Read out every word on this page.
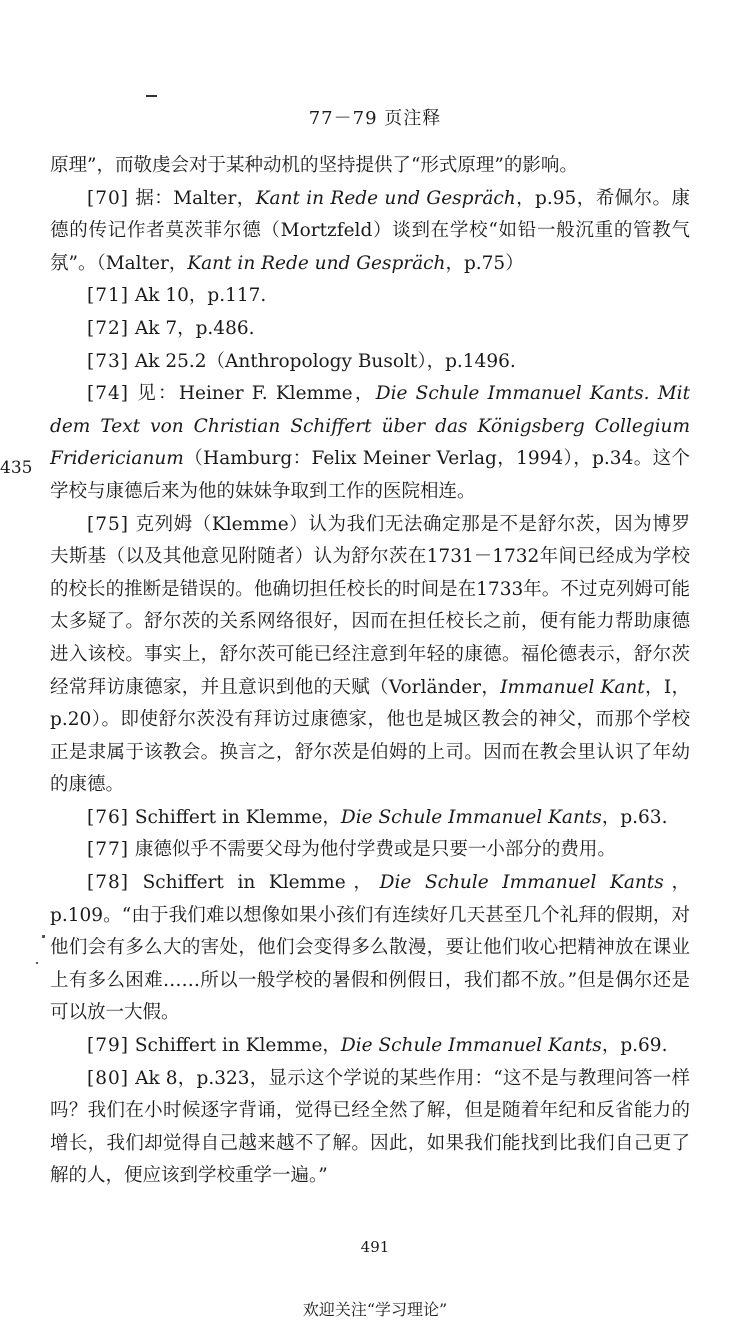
77－79 页注释
435

原理”，而敬虔会对于某种动机的坚持提供了“形式原理”的影响。

[70] 据：Malter，Kant in Rede und Gespräch，p.95，希佩尔。康德的传记作者莫茨菲尔德（Mortzfeld）谈到在学校“如铅一般沉重的管教气氛”。（Malter，Kant in Rede und Gespräch，p.75）

[71] Ak 10，p.117.

[72] Ak 7，p.486.

[73] Ak 25.2（Anthropology Busolt），p.1496.

[74] 见：Heiner F. Klemme，Die Schule Immanuel Kants. Mit dem Text von Christian Schiffert über das Königsberg Collegium Fridericianum（Hamburg：Felix Meiner Verlag，1994），p.34。这个学校与康德后来为他的妹妹争取到工作的医院相连。

[75] 克列姆（Klemme）认为我们无法确定那是不是舒尔茨，因为博罗夫斯基（以及其他意见附随者）认为舒尔茨在1731－1732年间已经成为学校的校长的推断是错误的。他确切担任校长的时间是在1733年。不过克列姆可能太多疑了。舒尔茨的关系网络很好，因而在担任校长之前，便有能力帮助康德进入该校。事实上，舒尔茨可能已经注意到年轻的康德。福伦德表示，舒尔茨经常拜访康德家，并且意识到他的天赋（Vorländer，Immanuel Kant，I，p.20）。即使舒尔茨没有拜访过康德家，他也是城区教会的神父，而那个学校正是隶属于该教会。换言之，舒尔茨是伯姆的上司。因而在教会里认识了年幼的康德。

[76] Schiffert in Klemme，Die Schule Immanuel Kants，p.63.

[77] 康德似乎不需要父母为他付学费或是只要一小部分的费用。

[78] Schiffert in Klemme，Die Schule Immanuel Kants，p.109。“由于我们难以想像如果小孩们有连续好几天甚至几个礼拜的假期，对他们会有多么大的害处，他们会变得多么散漫，要让他们收心把精神放在课业上有多么困难……所以一般学校的暑假和例假日，我们都不放。”但是偶尔还是可以放一大假。

[79] Schiffert in Klemme，Die Schule Immanuel Kants，p.69.

[80] Ak 8，p.323，显示这个学说的某些作用：“这不是与教理问答一样吗？我们在小时候逐字背诵，觉得已经全然了解，但是随着年纪和反省能力的增长，我们却觉得自己越来越不了解。因此，如果我们能找到比我们自己更了解的人，便应该到学校重学一遍。”

491
欢迎关注“学习理论”
